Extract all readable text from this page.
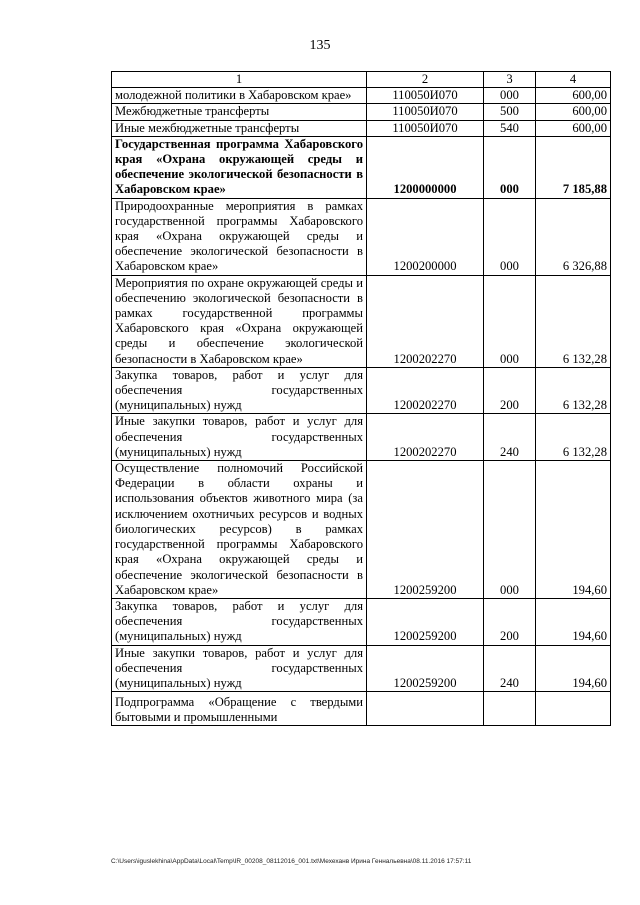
135
1	2	3	4
молодежной политики в Хабаровском крае»	110050И070	000	600,00
Межбюджетные трансферты	110050И070	500	600,00
Иные межбюджетные трансферты	110050И070	540	600,00
Государственная программа Хабаровского края «Охрана окружающей среды и обеспечение экологической безопасности в Хабаровском крае»	1200000000	000	7 185,88
Природоохранные мероприятия в рамках государственной программы Хабаровского края «Охрана окружающей среды и обеспечение экологической безопасности в Хабаровском крае»	1200200000	000	6 326,88
Мероприятия по охране окружающей среды и обеспечению экологической безопасности в рамках государственной программы Хабаровского края «Охрана окружающей среды и обеспечение экологической безопасности в Хабаровском крае»	1200202270	000	6 132,28
Закупка товаров, работ и услуг для обеспечения государственных (муниципальных) нужд	1200202270	200	6 132,28
Иные закупки товаров, работ и услуг для обеспечения государственных (муниципальных) нужд	1200202270	240	6 132,28
Осуществление полномочий Российской Федерации в области охраны и использования объектов животного мира (за исключением охотничьих ресурсов и водных биологических ресурсов) в рамках государственной программы Хабаровского края «Охрана окружающей среды и обеспечение экологической безопасности в Хабаровском крае»	1200259200	000	194,60
Закупка товаров, работ и услуг для обеспечения государственных (муниципальных) нужд	1200259200	200	194,60
Иные закупки товаров, работ и услуг для обеспечения государственных (муниципальных) нужд	1200259200	240	194,60
Подпрограмма «Обращение с твердыми бытовыми и промышленными			
C:\Users\iguslekhina\AppData\Local\Temp\IR_00208_08112016_001.txt\Мехеханв Ирина Геннальевна\08.11.2016 17:57:11
